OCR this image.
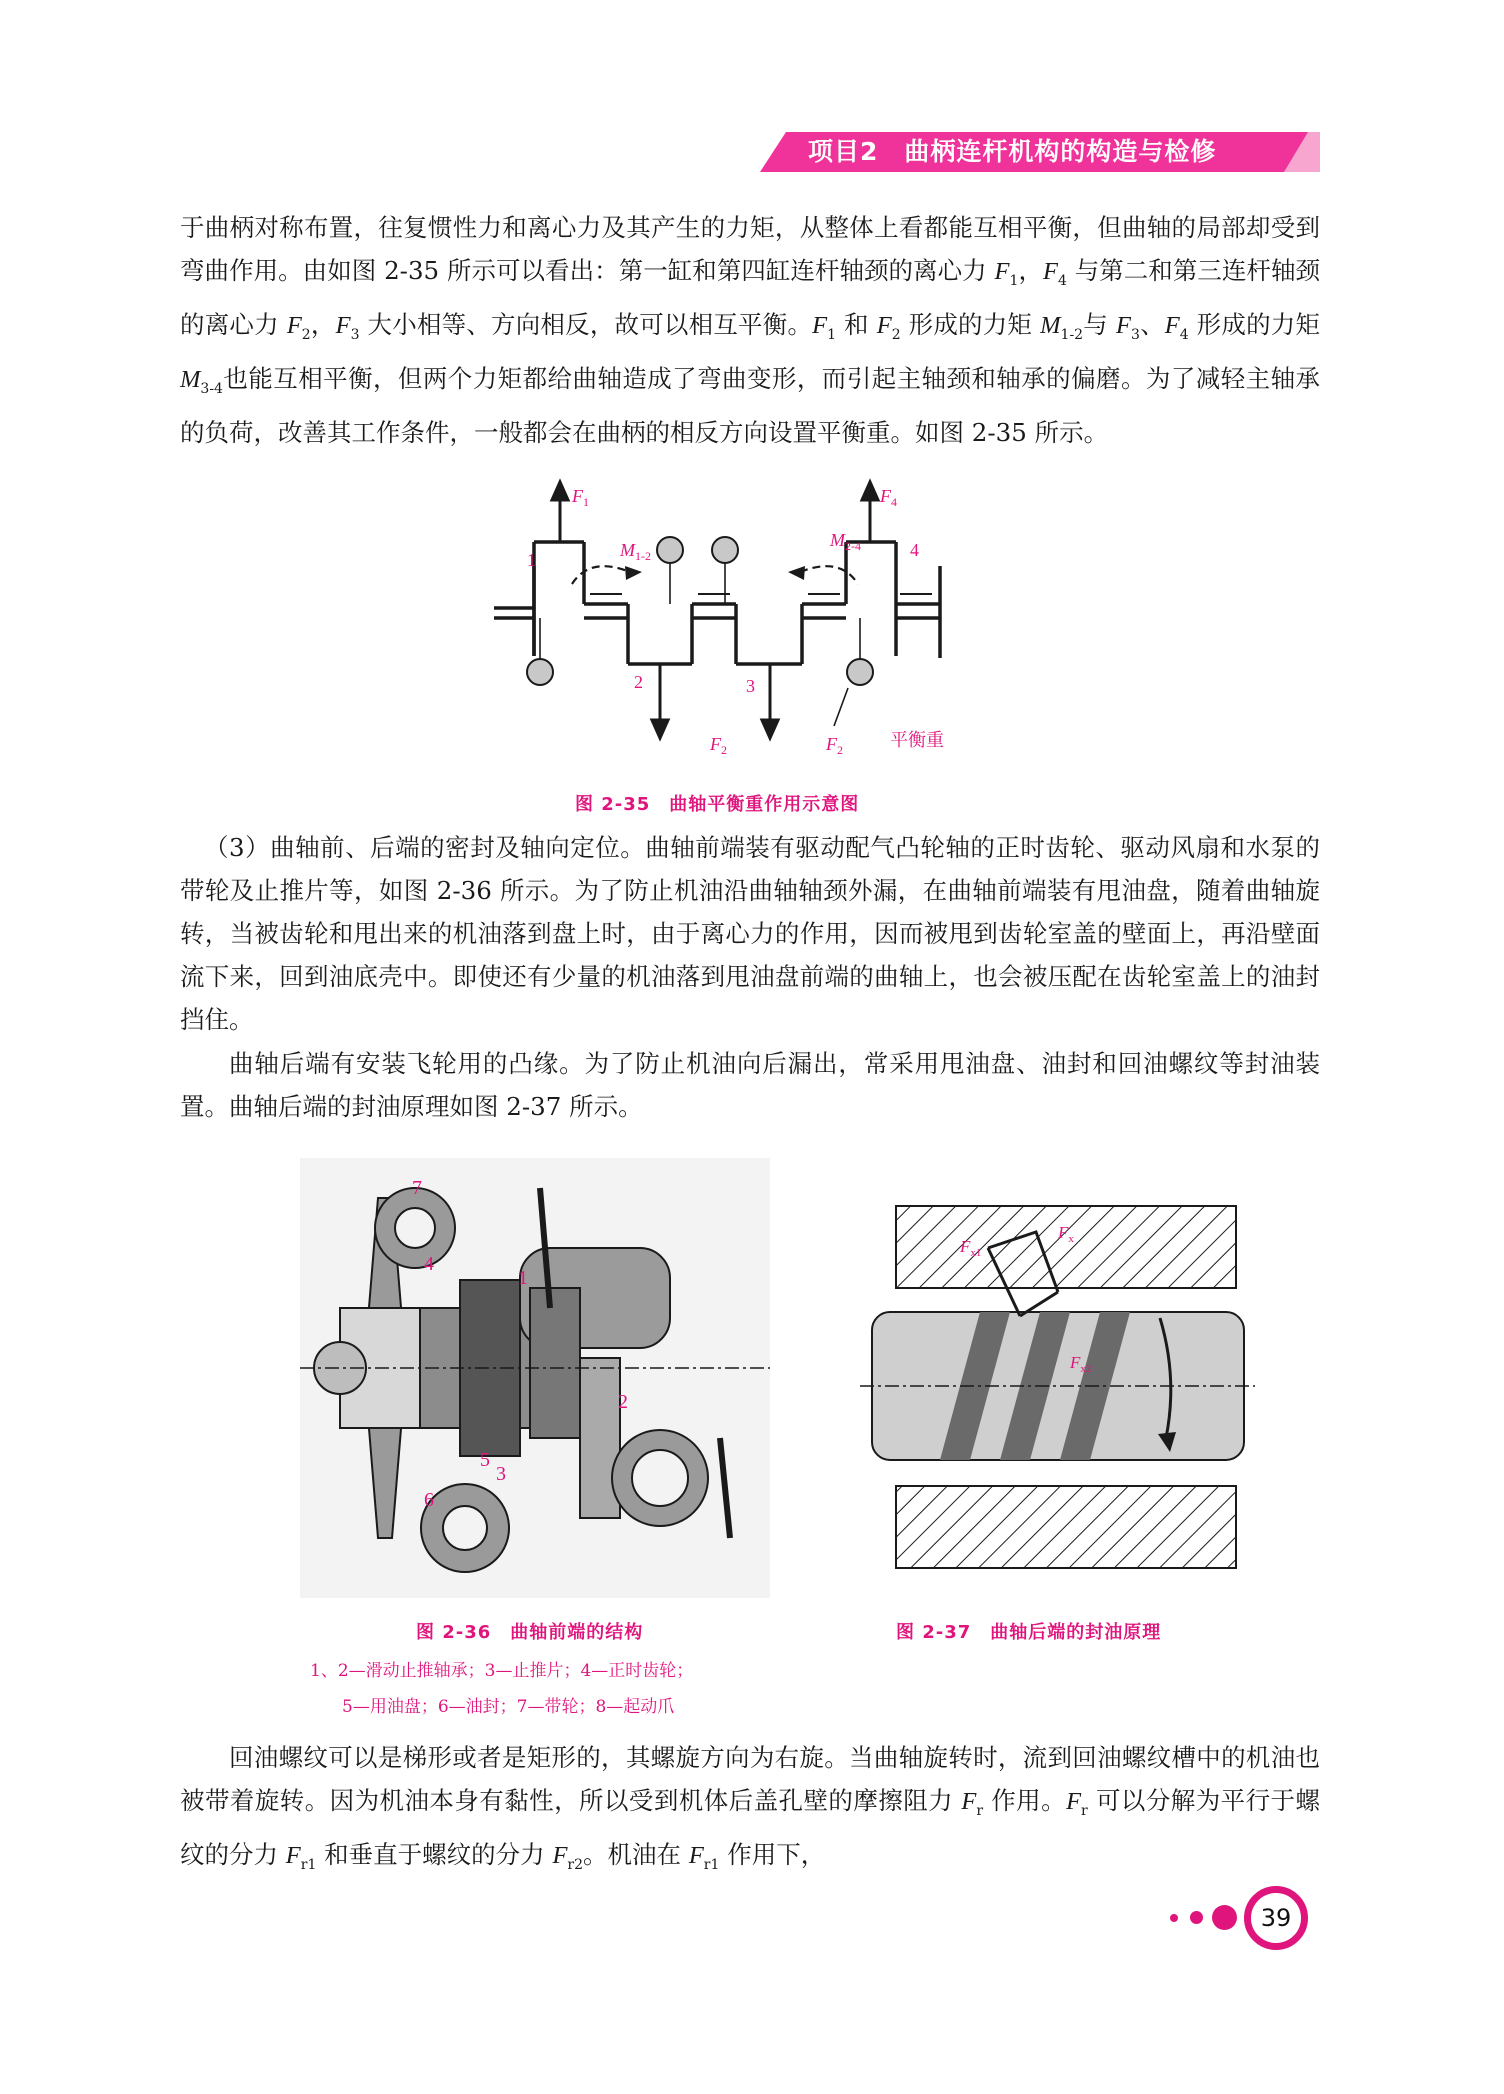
项目2　曲柄连杆机构的构造与检修

于曲柄对称布置，往复惯性力和离心力及其产生的力矩，从整体上看都能互相平衡，但曲轴的局部却受到弯曲作用。由如图 2-35 所示可以看出：第一缸和第四缸连杆轴颈的离心力 $F_1$，$F_4$ 与第二和第三连杆轴颈的离心力 $F_2$，$F_3$ 大小相等、方向相反，故可以相互平衡。$F_1$ 和 $F_2$ 形成的力矩 $M_{1-2}$与 $F_3$、$F_4$ 形成的力矩 $M_{3-4}$也能互相平衡，但两个力矩都给曲轴造成了弯曲变形，而引起主轴颈和轴承的偏磨。为了减轻主轴承的负荷，改善其工作条件，一般都会在曲柄的相反方向设置平衡重。如图 2-35 所示。

$F_1$	$F_4$
$M_{1-2}$
$M_{2-4}$
$F_2$	$F_2$
1
2	3
4
平衡重
图 2-35　曲轴平衡重作用示意图

（3）曲轴前、后端的密封及轴向定位。曲轴前端装有驱动配气凸轮轴的正时齿轮、驱动风扇和水泵的带轮及止推片等，如图 2-36 所示。为了防止机油沿曲轴轴颈外漏，在曲轴前端装有甩油盘，随着曲轴旋转，当被齿轮和甩出来的机油落到盘上时，由于离心力的作用，因而被甩到齿轮室盖的壁面上，再沿壁面流下来，回到油底壳中。即使还有少量的机油落到甩油盘前端的曲轴上，也会被压配在齿轮室盖上的油封挡住。

曲轴后端有安装飞轮用的凸缘。为了防止机油向后漏出，常采用甩油盘、油封和回油螺纹等封油装置。曲轴后端的封油原理如图 2-37 所示。

7
4
1
2
5
3
6
图 2-36　曲轴前端的结构
1、2—滑动止推轴承；3—止推片；4—正时齿轮；
5—用油盘；6—油封；7—带轮；8—起动爪
$F_{x1}$
$F_x$
$F_{x2}$
图 2-37　曲轴后端的封油原理

回油螺纹可以是梯形或者是矩形的，其螺旋方向为右旋。当曲轴旋转时，流到回油螺纹槽中的机油也被带着旋转。因为机油本身有黏性，所以受到机体后盖孔壁的摩擦阻力 $F_r$ 作用。$F_r$ 可以分解为平行于螺纹的分力 $F_{r1}$ 和垂直于螺纹的分力 $F_{r2}$。机油在 $F_{r1}$ 作用下，

39
